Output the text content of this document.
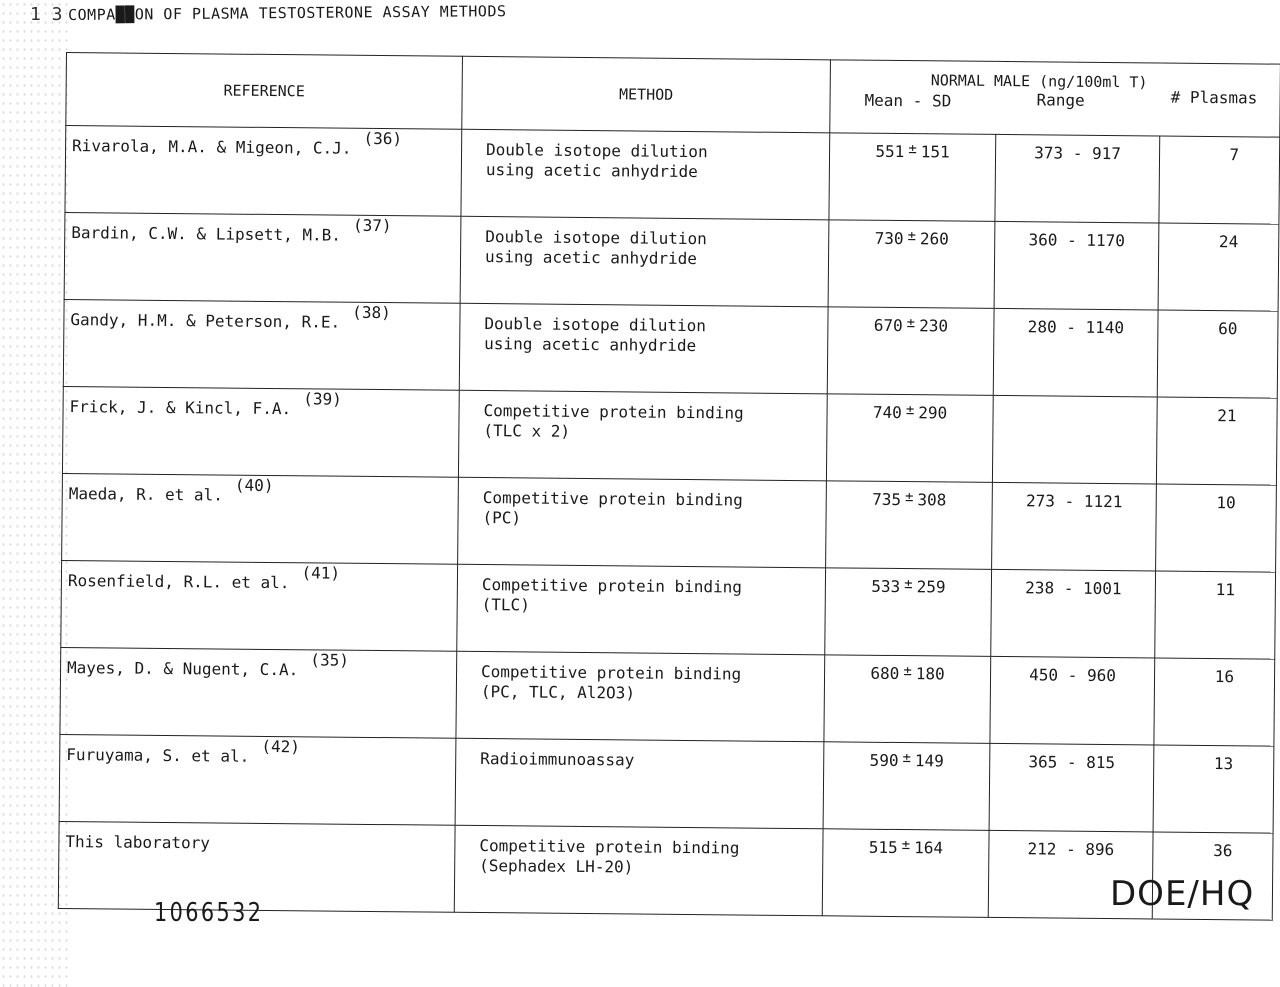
1 3 COMPA██ON OF PLASMA TESTOSTERONE ASSAY METHODS
REFERENCE	METHOD	NORMAL MALE (ng/100ml T)
Mean - SD Range # Plasmas		

Rivarola, M.A. & Migeon, C.J. (36)	Double isotope dilution
using acetic anhydride	551 ± 151	373 - 917	7
Bardin, C.W. & Lipsett, M.B. (37)	Double isotope dilution
using acetic anhydride	730 ± 260	360 - 1170	24
Gandy, H.M. & Peterson, R.E. (38)	Double isotope dilution
using acetic anhydride	670 ± 230	280 - 1140	60
Frick, J. & Kincl, F.A. (39)	Competitive protein binding
(TLC x 2)	740 ± 290		21
Maeda, R. et al. (40)	Competitive protein binding
(PC)	735 ± 308	273 - 1121	10
Rosenfield, R.L. et al. (41)	Competitive protein binding
(TLC)	533 ± 259	238 - 1001	11
Mayes, D. & Nugent, C.A. (35)	Competitive protein binding
(PC, TLC, Al2O3)	680 ± 180	450 - 960	16
Furuyama, S. et al. (42)	Radioimmunoassay	590 ± 149	365 - 815	13
This laboratory	Competitive protein binding
(Sephadex LH-20)	515 ± 164	212 - 896	36
1066532	DOE/HQ
